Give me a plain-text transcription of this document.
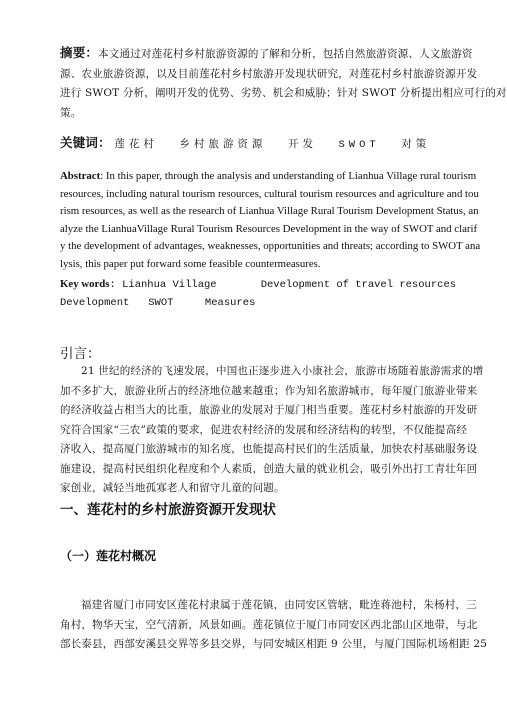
摘要：本文通过对莲花村乡村旅游资源的了解和分析，包括自然旅游资源、人文旅游资
源、农业旅游资源，以及目前莲花村乡村旅游开发现状研究，对莲花村乡村旅游资源开发
进行 SWOT 分析，阐明开发的优势、劣势、机会和威胁；针对 SWOT 分析提出相应可行的对
策。
关键词： 莲花村 乡村旅游资源 开发 SWOT 对策
Abstract: In this paper, through the analysis and understanding of Lianhua Village rural tourism
resources, including natural tourism resources, cultural tourism resources and agriculture and tou
rism resources, as well as the research of Lianhua Village Rural Tourism Development Status, an
alyze the LianhuaVillage Rural Tourism Resources Development in the way of SWOT and clarif
y the development of advantages, weaknesses, opportunities and threats; according to SWOT ana
lysis, this paper put forward some feasible countermeasures.
Key words: Lianhua Village       Development of travel resources
Development   SWOT     Measures
引言：
21 世纪的经济的飞速发展，中国也正逐步进入小康社会，旅游市场随着旅游需求的增
加不多扩大，旅游业所占的经济地位越来越重；作为知名旅游城市，每年厦门旅游业带来
的经济收益占相当大的比重，旅游业的发展对于厦门相当重要。莲花村乡村旅游的开发研
究符合国家“三农”政策的要求，促进农村经济的发展和经济结构的转型，不仅能提高经
济收入，提高厦门旅游城市的知名度，也能提高村民们的生活质量，加快农村基础服务设
施建设，提高村民组织化程度和个人素质，创造大量的就业机会，吸引外出打工青壮年回
家创业，减轻当地孤寡老人和留守儿童的问题。
一、莲花村的乡村旅游资源开发现状
（一）莲花村概况
福建省厦门市同安区莲花村隶属于莲花镇，由同安区管辖，毗连蒋池村，朱杨村，三
角村，物华天宝，空气清新，风景如画。莲花镇位于厦门市同安区西北部山区地带，与北
部长泰县，西部安溪县交界等多县交界，与同安城区相距 9 公里，与厦门国际机场相距 25
